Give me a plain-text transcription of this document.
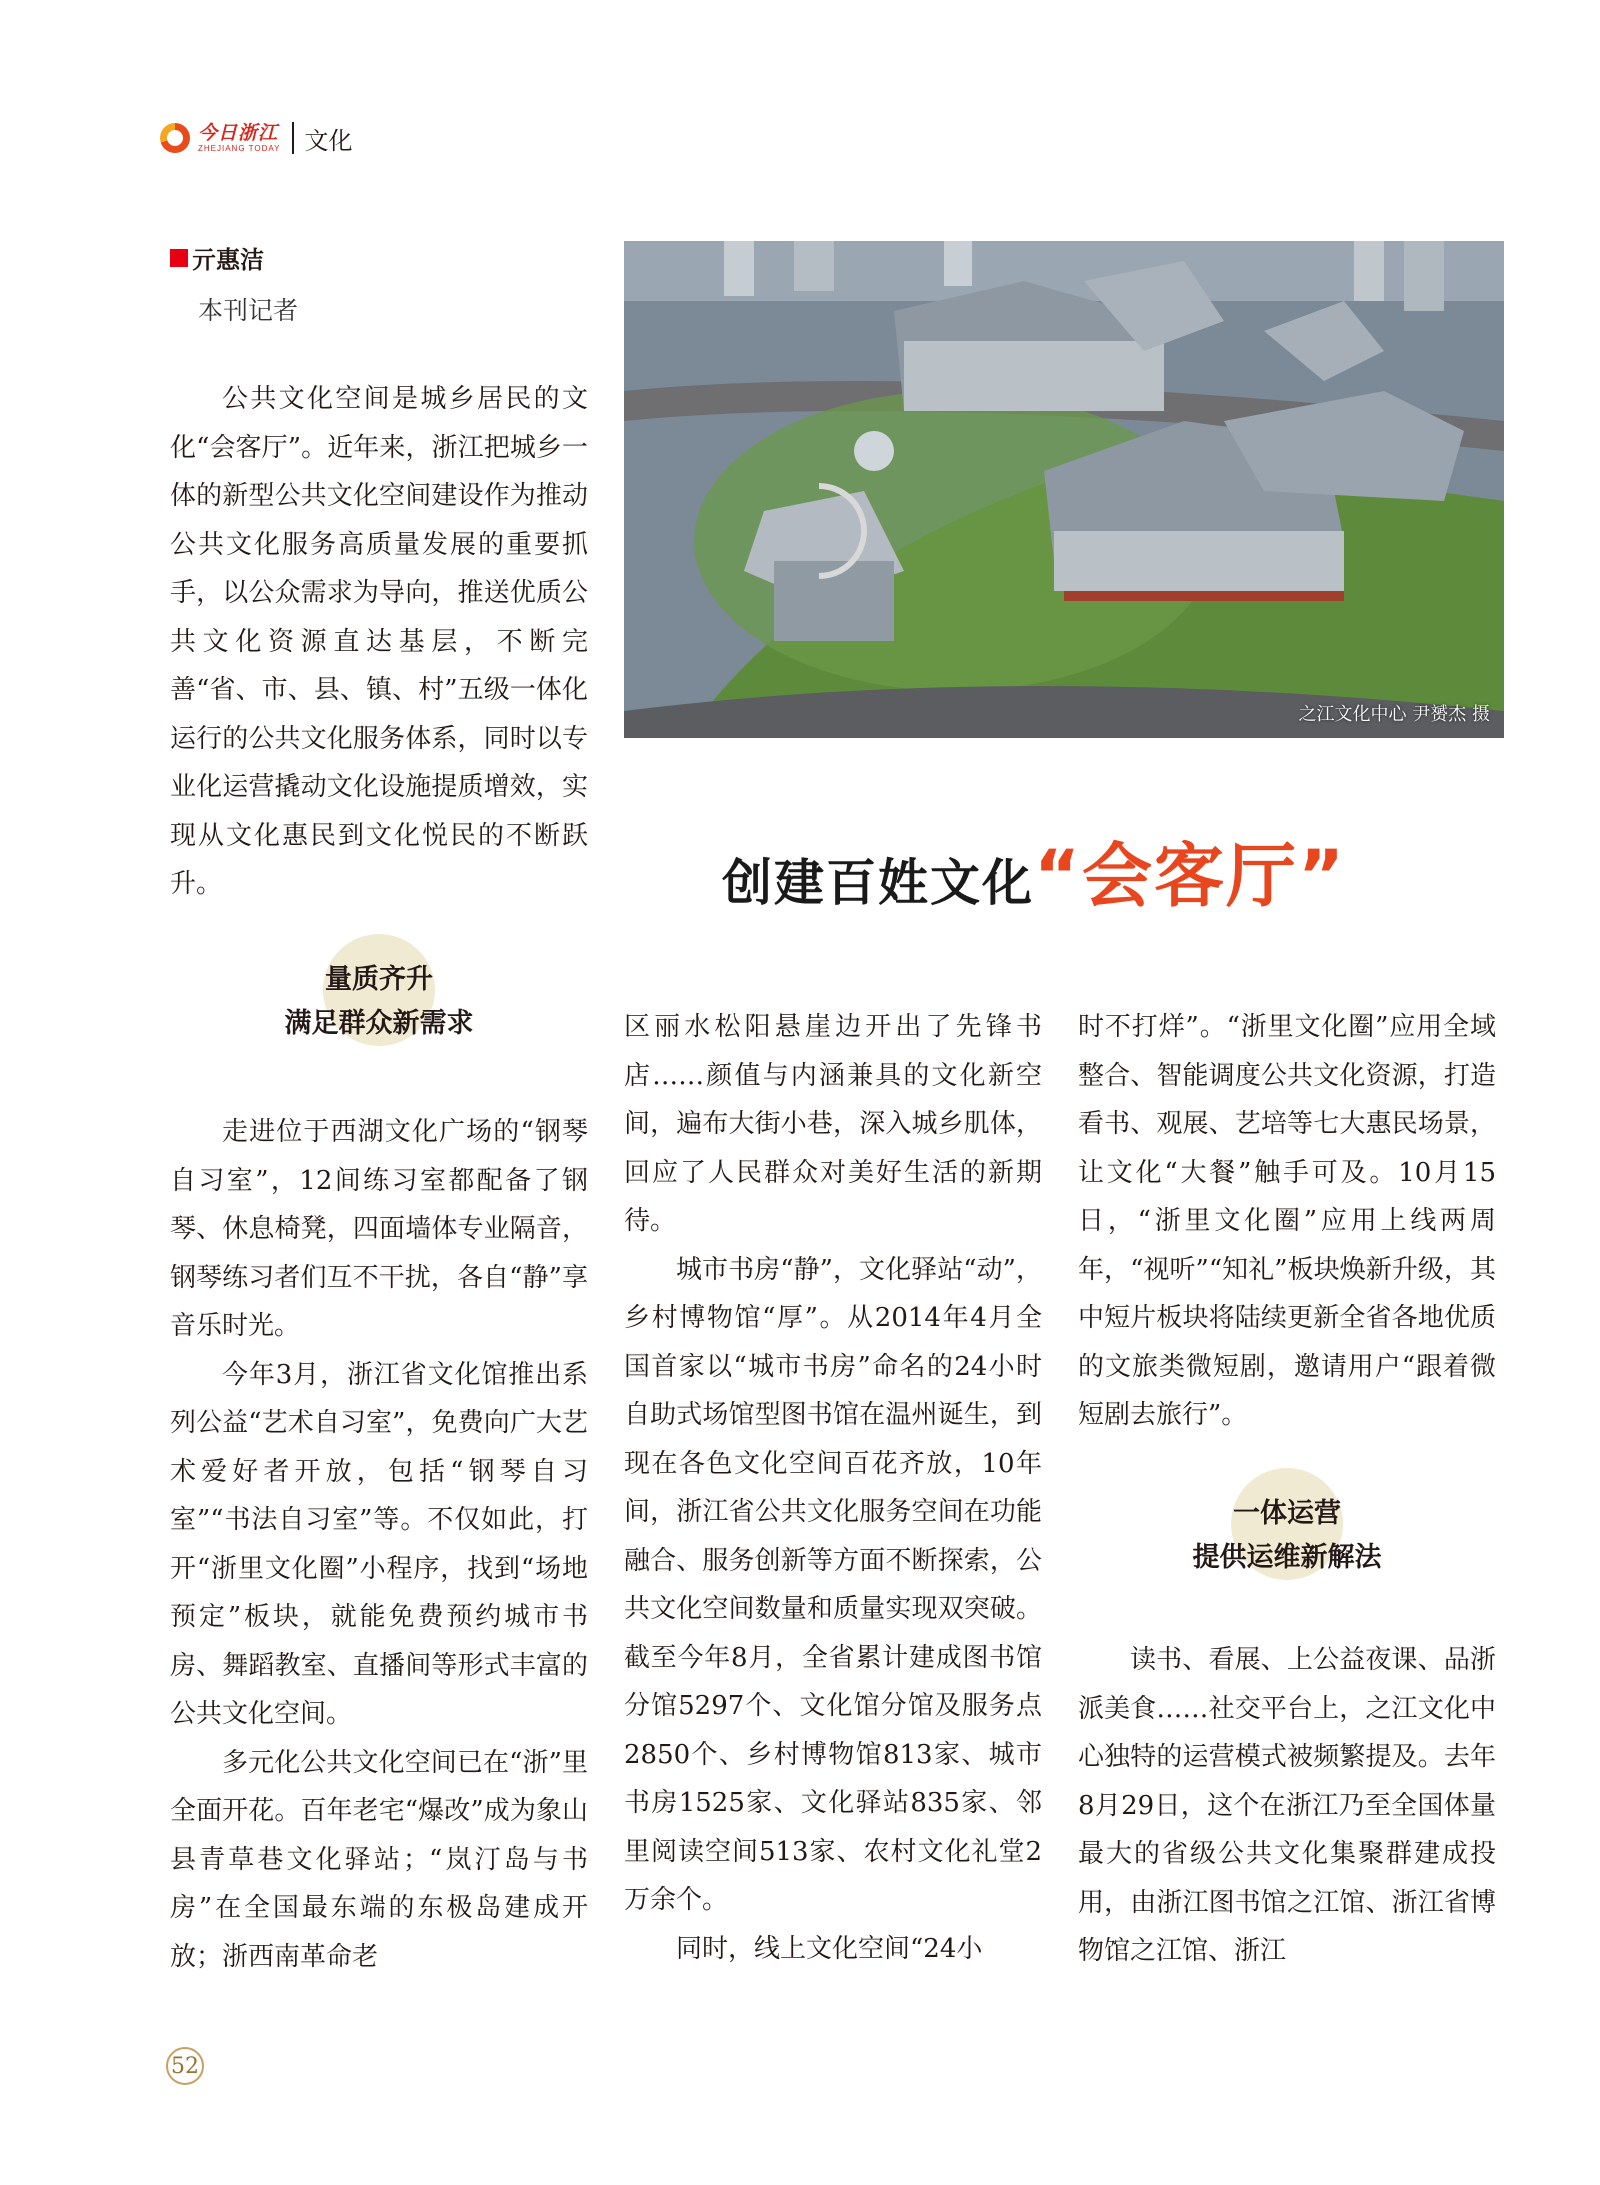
今日浙江
ZHEJIANG TODAY 文化
亓惠洁
本刊记者

公共文化空间是城乡居民的文化“会客厅”。近年来，浙江把城乡一体的新型公共文化空间建设作为推动公共文化服务高质量发展的重要抓手，以公众需求为导向，推送优质公共文化资源直达基层，不断完善“省、市、县、镇、村”五级一体化运行的公共文化服务体系，同时以专业化运营撬动文化设施提质增效，实现从文化惠民到文化悦民的不断跃升。

之江文化中心 尹赟杰 摄
创建百姓文化 “会客厅”
量质齐升
满足群众新需求

走进位于西湖文化广场的“钢琴自习室”，12间练习室都配备了钢琴、休息椅凳，四面墙体专业隔音，钢琴练习者们互不干扰，各自“静”享音乐时光。

今年3月，浙江省文化馆推出系列公益“艺术自习室”，免费向广大艺术爱好者开放，包括“钢琴自习室”“书法自习室”等。不仅如此，打开“浙里文化圈”小程序，找到“场地预定”板块，就能免费预约城市书房、舞蹈教室、直播间等形式丰富的公共文化空间。

多元化公共文化空间已在“浙”里全面开花。百年老宅“爆改”成为象山县青草巷文化驿站；“岚汀岛与书房”在全国最东端的东极岛建成开放；浙西南革命老

区丽水松阳悬崖边开出了先锋书店……颜值与内涵兼具的文化新空间，遍布大街小巷，深入城乡肌体，回应了人民群众对美好生活的新期待。

城市书房“静”，文化驿站“动”，乡村博物馆“厚”。从2014年4月全国首家以“城市书房”命名的24小时自助式场馆型图书馆在温州诞生，到现在各色文化空间百花齐放，10年间，浙江省公共文化服务空间在功能融合、服务创新等方面不断探索，公共文化空间数量和质量实现双突破。截至今年8月，全省累计建成图书馆分馆5297个、文化馆分馆及服务点2850个、乡村博物馆813家、城市书房1525家、文化驿站835家、邻里阅读空间513家、农村文化礼堂2万余个。

同时，线上文化空间“24小

时不打烊”。“浙里文化圈”应用全域整合、智能调度公共文化资源，打造看书、观展、艺培等七大惠民场景，让文化“大餐”触手可及。10月15日，“浙里文化圈”应用上线两周年，“视听”“知礼”板块焕新升级，其中短片板块将陆续更新全省各地优质的文旅类微短剧，邀请用户“跟着微短剧去旅行”。

一体运营
提供运维新解法

读书、看展、上公益夜课、品浙派美食……社交平台上，之江文化中心独特的运营模式被频繁提及。去年8月29日，这个在浙江乃至全国体量最大的省级公共文化集聚群建成投用，由浙江图书馆之江馆、浙江省博物馆之江馆、浙江

52
